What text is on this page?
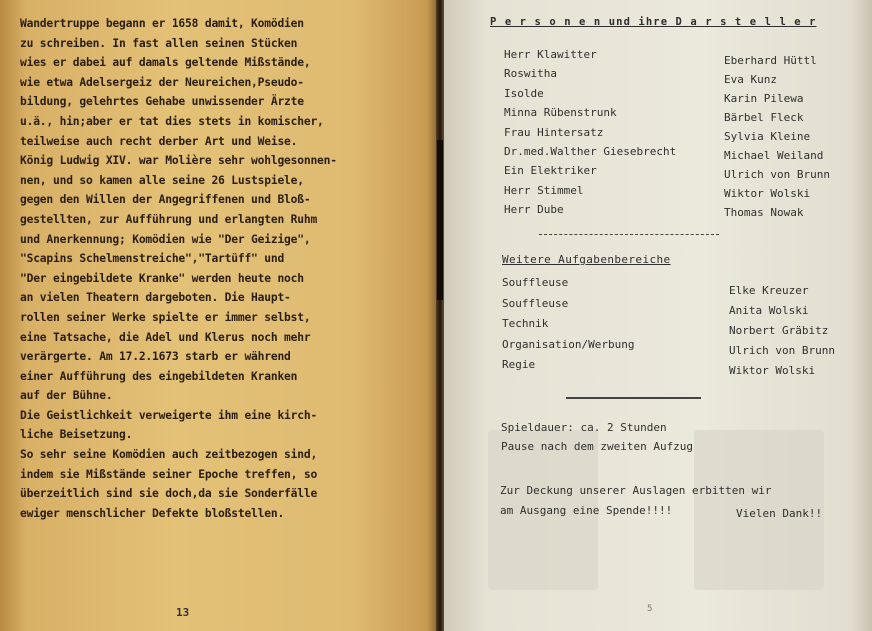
Wandertruppe begann er 1658 damit, Komödien
zu schreiben. In fast allen seinen Stücken
wies er dabei auf damals geltende Mißstände,
wie etwa Adelsergeiz der Neureichen,Pseudo-
bildung, gelehrtes Gehabe unwissender Ärzte
u.ä., hin;aber er tat dies stets in komischer,
teilweise auch recht derber Art und Weise.
König Ludwig XIV. war Molière sehr wohlgesonnen-
nen, und so kamen alle seine 26 Lustspiele,
gegen den Willen der Angegriffenen und Bloß-
gestellten, zur Aufführung und erlangten Ruhm
und Anerkennung; Komödien wie "Der Geizige",
"Scapins Schelmenstreiche","Tartüff" und
"Der eingebildete Kranke" werden heute noch
an vielen Theatern dargeboten. Die Haupt-
rollen seiner Werke spielte er immer selbst,
eine Tatsache, die Adel und Klerus noch mehr
verärgerte. Am 17.2.1673 starb er während
einer Aufführung des eingebildeten Kranken
auf der Bühne.
Die Geistlichkeit verweigerte ihm eine kirch-
liche Beisetzung.
So sehr seine Komödien auch zeitbezogen sind,
indem sie Mißstände seiner Epoche treffen, so
überzeitlich sind sie doch,da sie Sonderfälle
ewiger menschlicher Defekte bloßstellen.
13
P e r s o n e n und ihre D a r s t e l l e r
Herr Klawitter
Roswitha
Isolde
Minna Rübenstrunk
Frau Hintersatz
Dr.med.Walther Giesebrecht
Ein Elektriker
Herr Stimmel
Herr Dube
Eberhard Hüttl
Eva Kunz
Karin Pilewa
Bärbel Fleck
Sylvia Kleine
Michael Weiland
Ulrich von Brunn
Wiktor Wolski
Thomas Nowak
Weitere Aufgabenbereiche
Souffleuse
Souffleuse
Technik
Organisation/Werbung
Regie
Elke Kreuzer
Anita Wolski
Norbert Gräbitz
Ulrich von Brunn
Wiktor Wolski
Spieldauer: ca. 2 Stunden
Pause nach dem zweiten Aufzug
Zur Deckung unserer Auslagen erbitten wir
am Ausgang eine Spende!!!!	Vielen Dank!!
5
